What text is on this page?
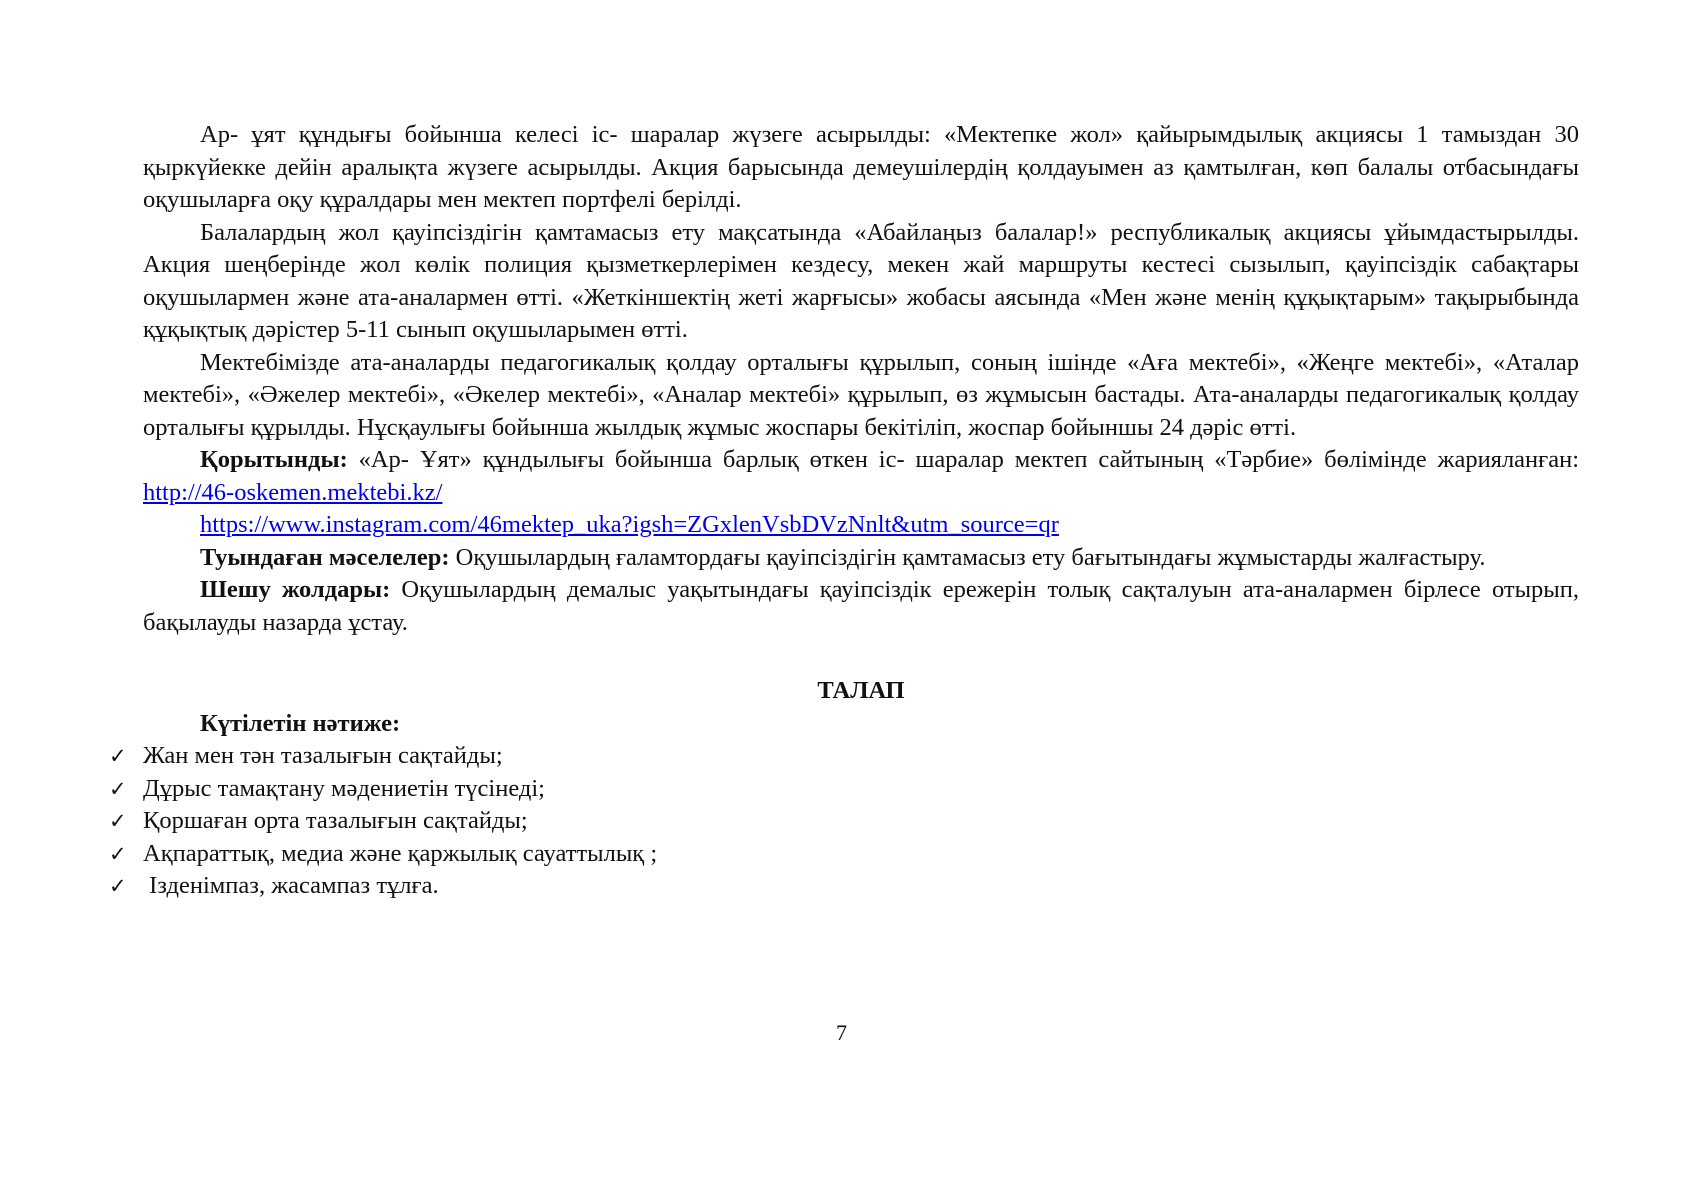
Ар- ұят құндығы бойынша келесі іс- шаралар жүзеге асырылды: «Мектепке жол» қайырымдылық акциясы 1 тамыздан 30 қыркүйекке дейін аралықта жүзеге асырылды. Акция барысында демеушілердің қолдауымен аз қамтылған, көп балалы отбасындағы оқушыларға оқу құралдары мен мектеп портфелі берілді.

Балалардың жол қауіпсіздігін қамтамасыз ету мақсатында «Абайлаңыз балалар!» республикалық акциясы ұйымдастырылды. Акция шеңберінде жол көлік полиция қызметкерлерімен кездесу, мекен жай маршруты кестесі сызылып, қауіпсіздік сабақтары оқушылармен және ата-аналармен өтті. «Жеткіншектің жеті жарғысы» жобасы аясында «Мен және менің құқықтарым» тақырыбында құқықтық дәрістер 5-11 сынып оқушыларымен өтті.

Мектебімізде ата-аналарды педагогикалық қолдау орталығы құрылып, соның ішінде «Аға мектебі», «Жеңге мектебі», «Аталар мектебі», «Әжелер мектебі», «Әкелер мектебі», «Аналар мектебі» құрылып, өз жұмысын бастады. Ата-аналарды педагогикалық қолдау орталығы құрылды. Нұсқаулығы бойынша жылдық жұмыс жоспары бекітіліп, жоспар бойыншы 24 дәріс өтті.

Қорытынды: «Ар- Ұят» құндылығы бойынша барлық өткен іс- шаралар мектеп сайтының «Тәрбие» бөлімінде жарияланған: http://46-oskemen.mektebi.kz/

https://www.instagram.com/46mektep_uka?igsh=ZGxlenVsbDVzNnlt&utm_source=qr

Туындаған мәселелер: Оқушылардың ғаламтордағы қауіпсіздігін қамтамасыз ету бағытындағы жұмыстарды жалғастыру.

Шешу жолдары: Оқушылардың демалыс уақытындағы қауіпсіздік ережерін толық сақталуын ата-аналармен бірлесе отырып, бақылауды назарда ұстау.

ТАЛАП
Күтілетін нәтиже:
✓ Жан мен тән тазалығын сақтайды;
✓ Дұрыс тамақтану мәдениетін түсінеді;
✓ Қоршаған орта тазалығын сақтайды;
✓ Ақпараттық, медиа және қаржылық сауаттылық ;
✓ Ізденімпаз, жасампаз тұлға.
7
